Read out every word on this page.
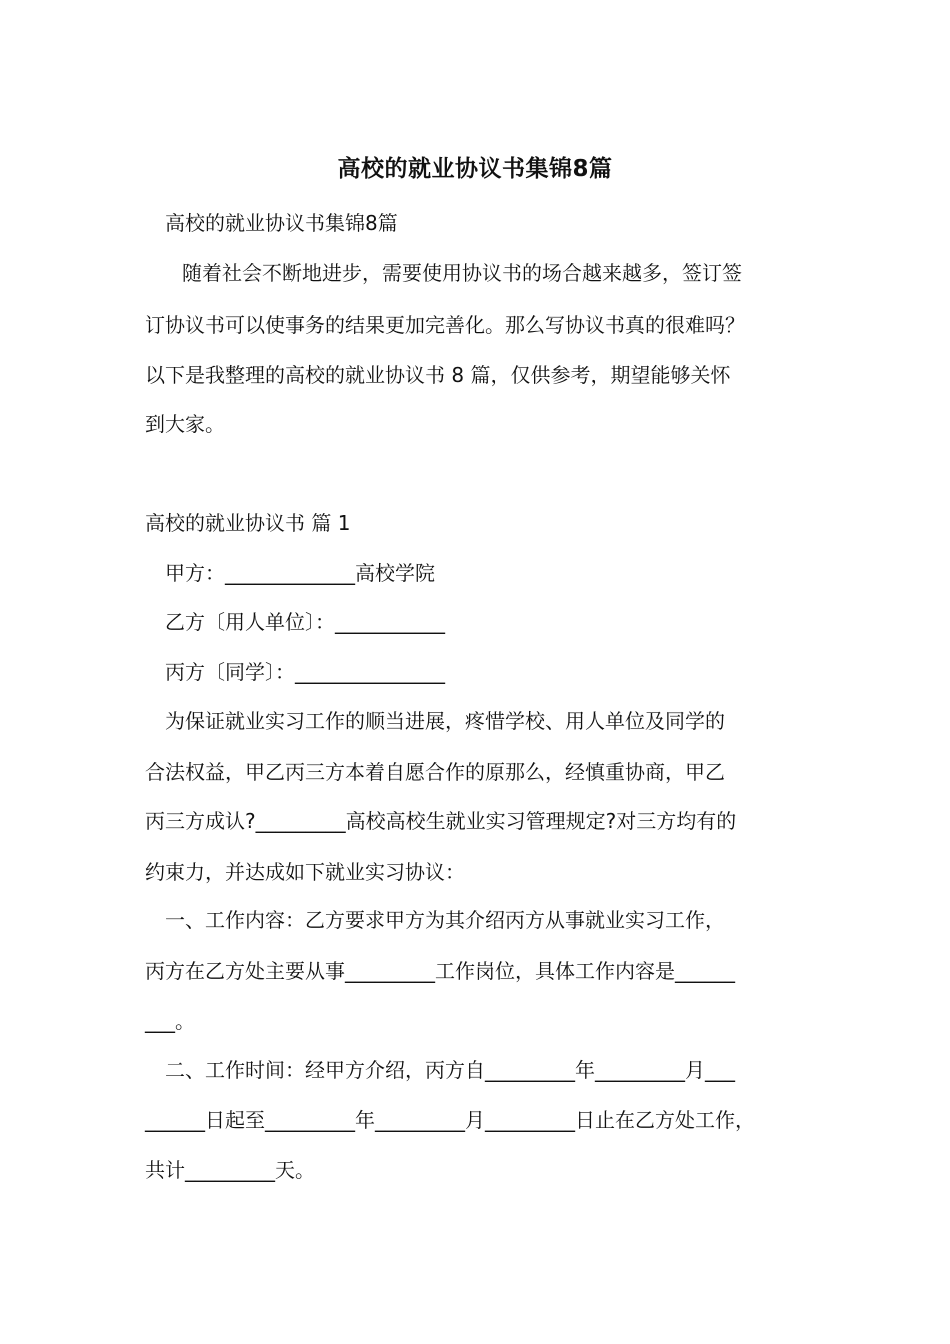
高校的就业协议书集锦8篇
高校的就业协议书集锦8篇
随着社会不断地进步，需要使用协议书的场合越来越多，签订签
订协议书可以使事务的结果更加完善化。那么写协议书真的很难吗？
以下是我整理的高校的就业协议书 8 篇，仅供参考，期望能够关怀
到大家。
高校的就业协议书 篇 1
甲方：_____________高校学院
乙方〔用人单位〕：___________
丙方〔同学〕：_______________
为保证就业实习工作的顺当进展，疼惜学校、用人单位及同学的
合法权益，甲乙丙三方本着自愿合作的原那么，经慎重协商，甲乙
丙三方成认?_________高校高校生就业实习管理规定?对三方均有的
约束力，并达成如下就业实习协议：
一、工作内容：乙方要求甲方为其介绍丙方从事就业实习工作，
丙方在乙方处主要从事_________工作岗位，具体工作内容是______
___。
二、工作时间：经甲方介绍，丙方自_________年_________月___
______日起至_________年_________月_________日止在乙方处工作，
共计_________天。
